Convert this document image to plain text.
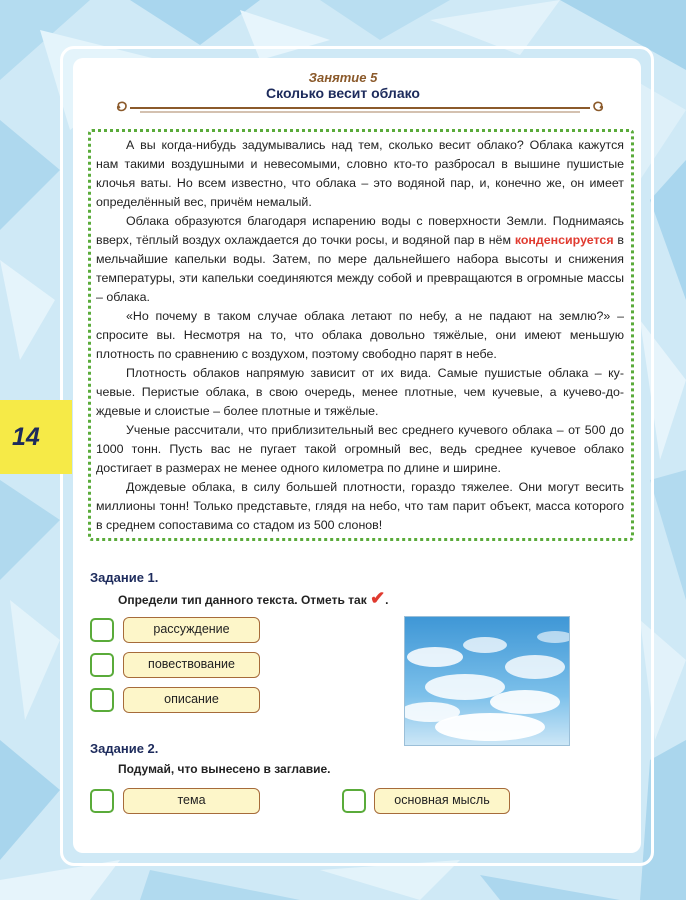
14
Занятие 5
Сколько весит облако

А вы когда-нибудь задумывались над тем, сколько весит облако? Облака кажутся нам такими воздушными и невесомыми, словно кто-то разбросал в вышине пушистые клочья ваты. Но всем известно, что облака – это водяной пар, и, конечно же, он имеет определённый вес, причём немалый.

Облака образуются благодаря испарению воды с поверхности Земли. Поднимаясь вверх, тёплый воздух охлаждается до точки росы, и водяной пар в нём конденсируется в мельчайшие капельки воды. Затем, по мере дальнейшего набора высоты и снижения температуры, эти капельки соединяются между собой и превращаются в огромные массы – облака.

«Но почему в таком случае облака летают по небу, а не падают на землю?» – спросите вы. Несмотря на то, что облака довольно тяжёлые, они имеют меньшую плотность по сравнению с воздухом, поэтому свободно парят в небе.

Плотность облаков напрямую зависит от их вида. Самые пушистые облака – кучевые. Перистые облака, в свою очередь, менее плотные, чем кучевые, а кучево-дождевые и слоистые – более плотные и тяжёлые.

Ученые рассчитали, что приблизительный вес среднего кучевого облака – от 500 до 1000 тонн. Пусть вас не пугает такой огромный вес, ведь среднее кучевое облако достигает в размерах не менее одного километра по длине и ширине.

Дождевые облака, в силу большей плотности, гораздо тяжелее. Они могут весить миллионы тонн! Только представьте, глядя на небо, что там парит объект, масса которого в среднем сопоставима со стадом из 500 слонов!

Задание 1.
Определи тип данного текста. Отметь так ✔.
рассуждение
повествование
описание
Задание 2.
Подумай, что вынесено в заглавие.
тема	основная мысль
